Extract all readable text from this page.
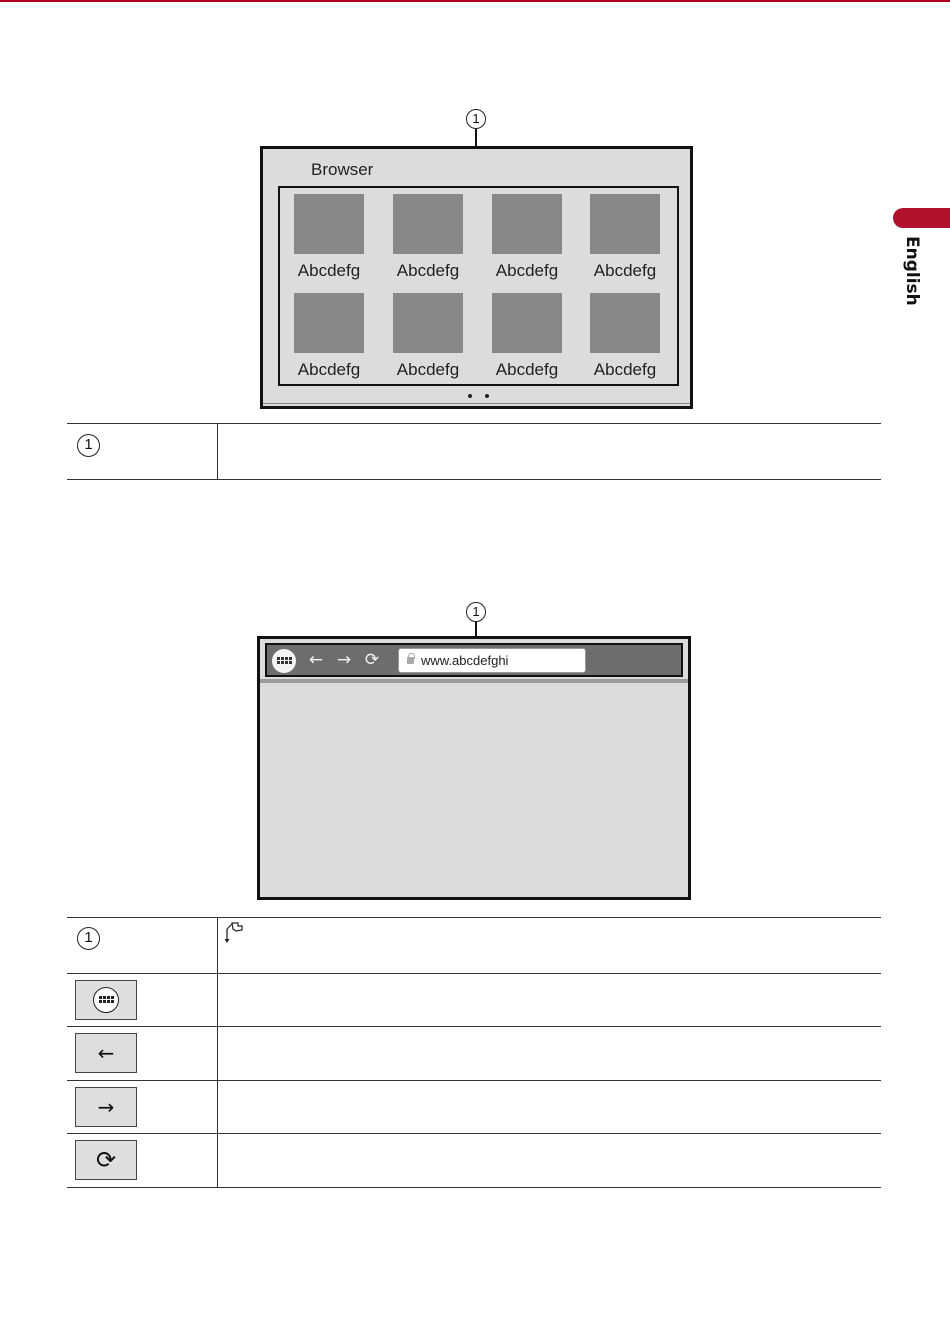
English
1
Browser
Abcdefg	Abcdefg	Abcdefg	Abcdefg
Abcdefg	Abcdefg	Abcdefg	Abcdefg
1
1
← → ⟳	www.abcdefghi
1
←
→
⟳
